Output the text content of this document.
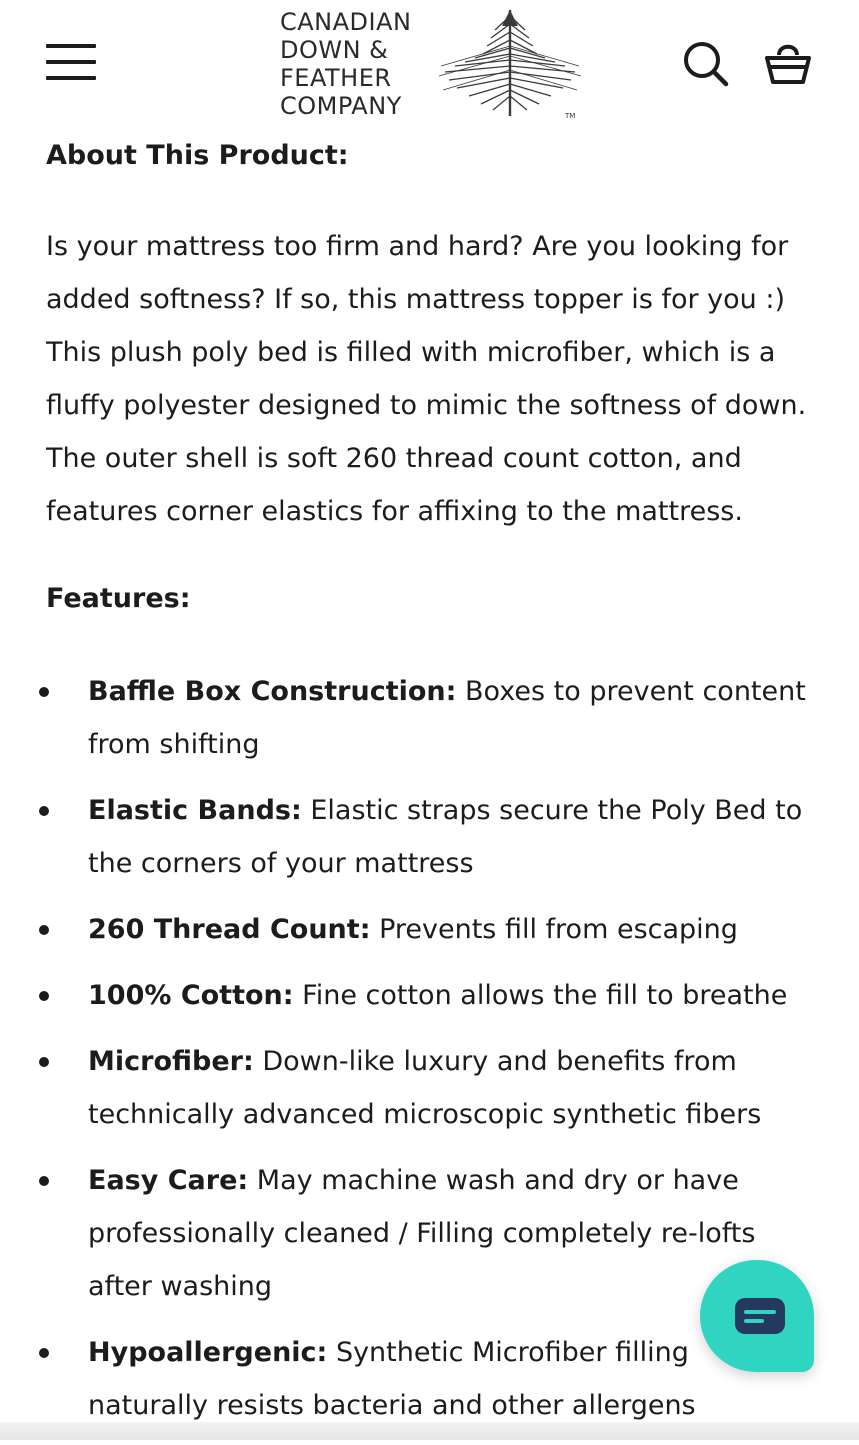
CANADIAN
DOWN &
FEATHER
COMPANY	TM
About This Product:

Is your mattress too firm and hard? Are you looking for added softness? If so, this mattress topper is for you :) This plush poly bed is filled with microfiber, which is a fluffy polyester designed to mimic the softness of down. The outer shell is soft 260 thread count cotton, and features corner elastics for affixing to the mattress.

Features:
Baffle Box Construction: Boxes to prevent content from shifting
Elastic Bands: Elastic straps secure the Poly Bed to the corners of your mattress
260 Thread Count: Prevents fill from escaping
100% Cotton: Fine cotton allows the fill to breathe
Microfiber: Down-like luxury and benefits from technically advanced microscopic synthetic fibers
Easy Care: May machine wash and dry or have professionally cleaned / Filling completely re-lofts after washing
Hypoallergenic: Synthetic Microfiber filling naturally resists bacteria and other allergens
